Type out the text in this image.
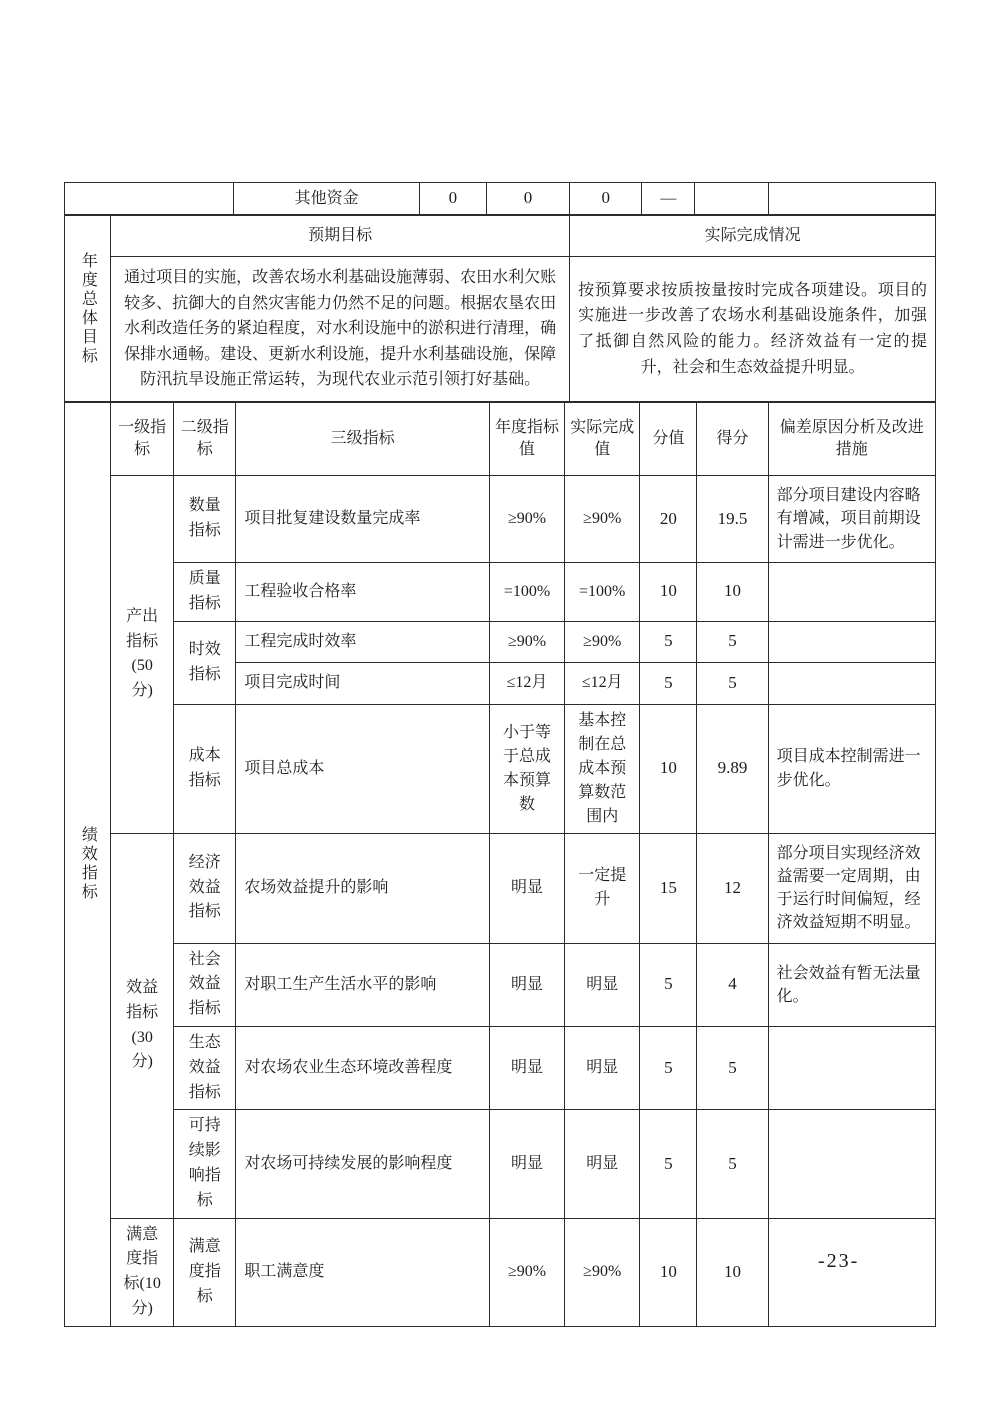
	其他资金	0	0	0	—		
年度总体目标	预期目标	实际完成情况
	通过项目的实施，改善农场水利基础设施薄弱、农田水利欠账较多、抗御大的自然灾害能力仍然不足的问题。根据农垦农田水利改造任务的紧迫程度，对水利设施中的淤积进行清理，确保排水通畅。建设、更新水利设施，提升水利基础设施，保障防汛抗旱设施正常运转，为现代农业示范引领打好基础。	按预算要求按质按量按时完成各项建设。项目的实施进一步改善了农场水利基础设施条件，加强了抵御自然风险的能力。经济效益有一定的提升，社会和生态效益提升明显。
绩效指标	一级指标	二级指标	三级指标	年度指标值	实际完成值	分值	得分	偏差原因分析及改进措施
	产出指标(50分)	数量指标	项目批复建设数量完成率	≥90%	≥90%	20	19.5	部分项目建设内容略有增减，项目前期设计需进一步优化。
		质量指标	工程验收合格率	=100%	=100%	10	10	
		时效指标	工程完成时效率	≥90%	≥90%	5	5	
			项目完成时间	≤12月	≤12月	5	5	
		成本指标	项目总成本	小于等于总成本预算数	基本控制在总成本预算数范围内	10	9.89	项目成本控制需进一步优化。
	效益指标(30分)	经济效益指标	农场效益提升的影响	明显	一定提升	15	12	部分项目实现经济效益需要一定周期，由于运行时间偏短，经济效益短期不明显。
		社会效益指标	对职工生产生活水平的影响	明显	明显	5	4	社会效益有暂无法量化。
		生态效益指标	对农场农业生态环境改善程度	明显	明显	5	5	
		可持续影响指标	对农场可持续发展的影响程度	明显	明显	5	5	
	满意度指标(10分)	满意度指标	职工满意度	≥90%	≥90%	10	10		-23-
